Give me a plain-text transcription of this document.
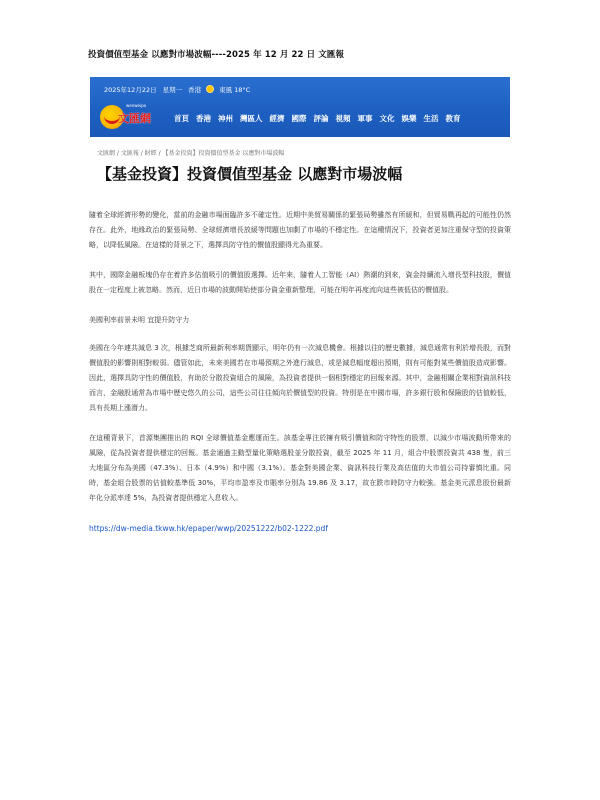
投資價值型基金 以應對市場波幅----2025 年 12 月 22 日 文匯報
2025年12月22日 星期一 香港	東風 18°C
wenweipo
文匯網	首頁 香港 神州 灣區人 經濟 國際 評論 視頻 軍事 文化 娛樂 生活 教育
文匯網 / 文匯報 / 財經 / 【基金投資】投資價值型基金 以應對市場波幅
【基金投資】投資價值型基金 以應對市場波幅

隨着全球經濟形勢的變化，當前的金融市場面臨許多不確定性。近期中美貿易關係的緊張局勢雖然有所緩和，但貿易戰再起的可能性仍然存在。此外，地緣政治的緊張局勢、全球經濟增長放緩等問題也加劇了市場的不穩定性。在這種情況下，投資者更加注重保守型的投資策略，以降低風險。在這樣的背景之下，選擇具防守性的價值股顯得尤為重要。

其中，國際金融板塊仍存在着許多估值吸引的價值股選擇。近年來，隨着人工智能（AI）熱潮的到來，資金持續流入增長型科技股，價值股在一定程度上被忽略。然而，近日市場的波動開始使部分資金重新整理，可能在明年再度流向這些被低估的價值股。

美國利率前景未明 宜提升防守力

美國在今年連共減息 3 次，根據芝商所最新利率期貨顯示，明年仍有一次減息機會。根據以往的歷史數據，減息通常有利於增長股，而對價值股的影響則相對較弱。儘管如此，未來美國若在市場預期之外進行減息，或是減息幅度超出預期，則有可能對某些價值股造成影響。因此，選擇具防守性的價值股，有助於分散投資組合的風險，為投資者提供一個相對穩定的回報來源。其中，金融相關企業相對資訊科技而言，金融股通常為市場中歷史悠久的公司，這些公司往往傾向於價值型的投資。特別是在中國市場，許多銀行股和保險股的估值較低，具有長期上漲潛力。

在這種背景下，首源集團推出的 RQI 全球價值基金應運而生。該基金專注於擁有吸引價值和防守特性的股票，以減少市場波動所帶來的風險，從為投資者提供穩定的回報。基金通過主動型量化策略選股並分散投資，截至 2025 年 11 月，組合中股票投資共 438 隻，前三大地區分布為美國（47.3%）、日本（4.9%）和中國（3.1%）。基金對美國企業、資訊科技行業及高估值的大市值公司持審慎比重。同時，基金組合股票的估值較基準低 30%，平均市盈率及市賬率分別為 19.86 及 3.17，故在跌市時防守力較強。基金美元派息股份最新年化分派率達 5%，為投資者提供穩定入息收入。

https://dw-media.tkww.hk/epaper/wwp/20251222/b02-1222.pdf
